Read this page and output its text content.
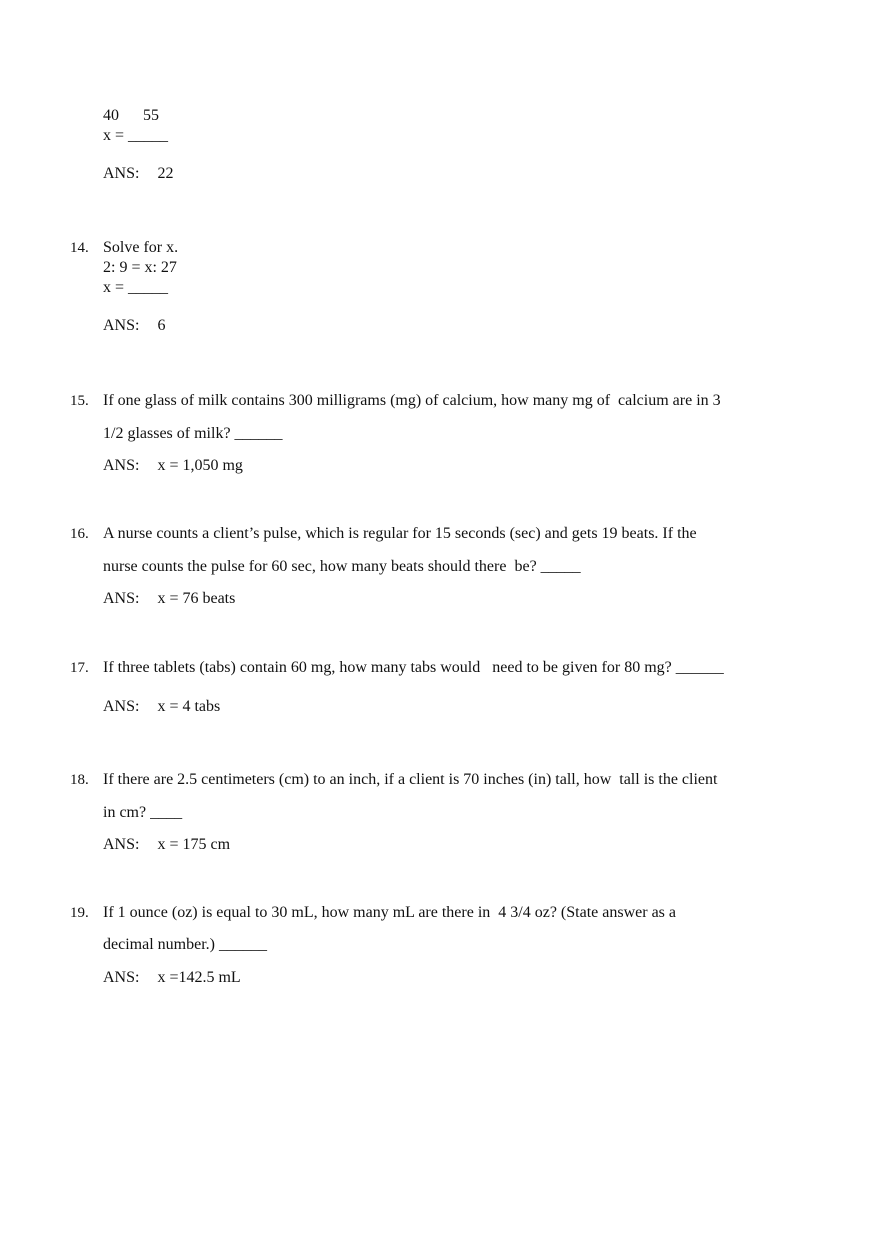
40      55
x = _____
ANS: 22
14. Solve for x.
2: 9 = x: 27
x = _____
ANS: 6
15. If one glass of milk contains 300 milligrams (mg) of calcium, how many mg of  calcium are in 3
1/2 glasses of milk? ______
ANS: x = 1,050 mg
16. A nurse counts a client’s pulse, which is regular for 15 seconds (sec) and gets 19 beats. If the
nurse counts the pulse for 60 sec, how many beats should there  be? _____
ANS: x = 76 beats
17. If three tablets (tabs) contain 60 mg, how many tabs would   need to be given for 80 mg? ______
ANS: x = 4 tabs
18. If there are 2.5 centimeters (cm) to an inch, if a client is 70 inches (in) tall, how  tall is the client
in cm? ____
ANS: x = 175 cm
19. If 1 ounce (oz) is equal to 30 mL, how many mL are there in  4 3/4 oz? (State answer as a
decimal number.) ______
ANS: x =142.5 mL
